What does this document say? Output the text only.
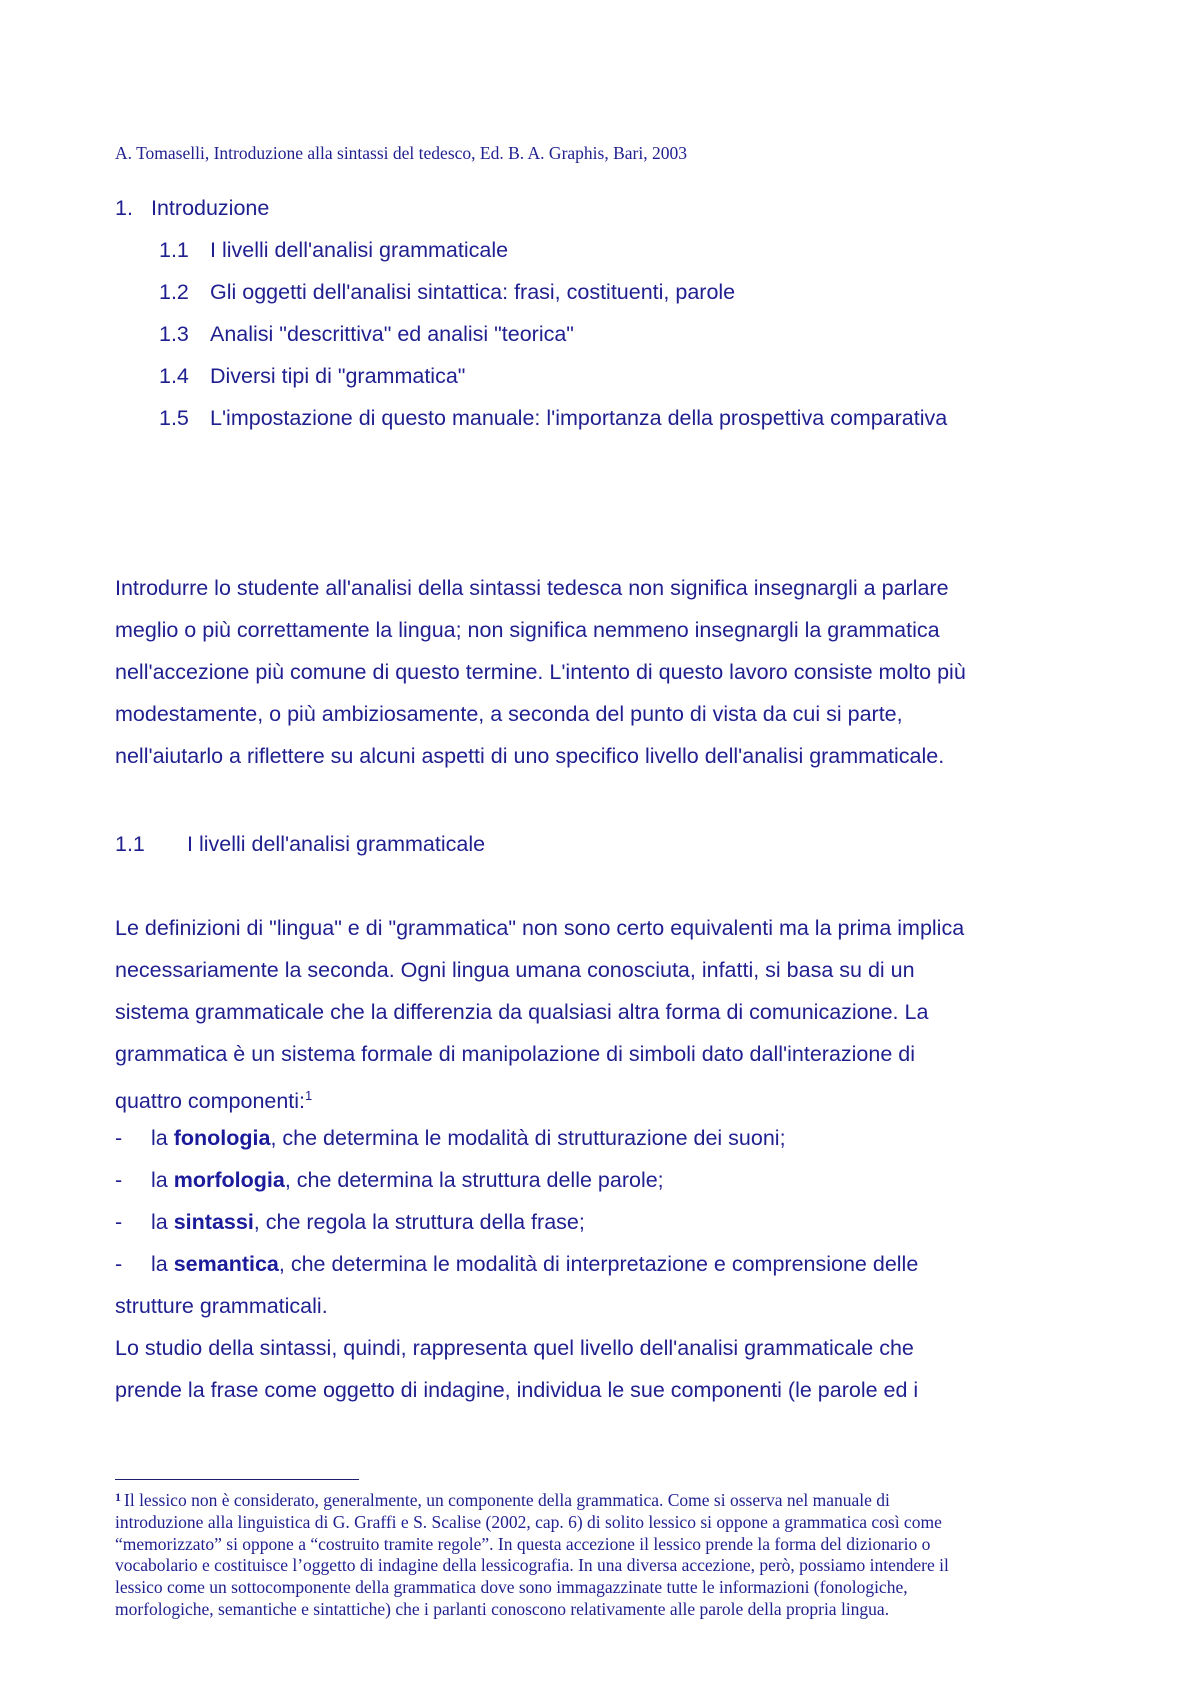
A. Tomaselli, Introduzione alla sintassi del tedesco, Ed. B. A. Graphis, Bari, 2003
1. Introduzione
1.1 I livelli dell'analisi grammaticale
1.2 Gli oggetti dell'analisi sintattica: frasi, costituenti, parole
1.3 Analisi "descrittiva" ed analisi "teorica"
1.4 Diversi tipi di "grammatica"
1.5 L'impostazione di questo manuale: l'importanza della prospettiva comparativa
Introdurre lo studente all'analisi della sintassi tedesca non significa insegnargli a parlare
meglio o più correttamente la lingua; non significa nemmeno insegnargli la grammatica
nell'accezione più comune di questo termine. L'intento di questo lavoro consiste molto più
modestamente, o più ambiziosamente, a seconda del punto di vista da cui si parte,
nell'aiutarlo a riflettere su alcuni aspetti di uno specifico livello dell'analisi grammaticale.
1.1 I livelli dell'analisi grammaticale
Le definizioni di "lingua" e di "grammatica" non sono certo equivalenti ma la prima implica
necessariamente la seconda. Ogni lingua umana conosciuta, infatti, si basa su di un
sistema grammaticale che la differenzia da qualsiasi altra forma di comunicazione. La
grammatica è un sistema formale di manipolazione di simboli dato dall'interazione di
quattro componenti:$^1$
- la fonologia, che determina le modalità di strutturazione dei suoni;
- la morfologia, che determina la struttura delle parole;
- la sintassi, che regola la struttura della frase;
- la semantica, che determina le modalità di interpretazione e comprensione delle
strutture grammaticali.
Lo studio della sintassi, quindi, rappresenta quel livello dell'analisi grammaticale che
prende la frase come oggetto di indagine, individua le sue componenti (le parole ed i
$^1$ Il lessico non è considerato, generalmente, un componente della grammatica. Come si osserva nel manuale di
introduzione alla linguistica di G. Graffi e S. Scalise (2002, cap. 6) di solito lessico si oppone a grammatica così come
“memorizzato” si oppone a “costruito tramite regole”. In questa accezione il lessico prende la forma del dizionario o
vocabolario e costituisce l’oggetto di indagine della lessicografia. In una diversa accezione, però, possiamo intendere il
lessico come un sottocomponente della grammatica dove sono immagazzinate tutte le informazioni (fonologiche,
morfologiche, semantiche e sintattiche) che i parlanti conoscono relativamente alle parole della propria lingua.
